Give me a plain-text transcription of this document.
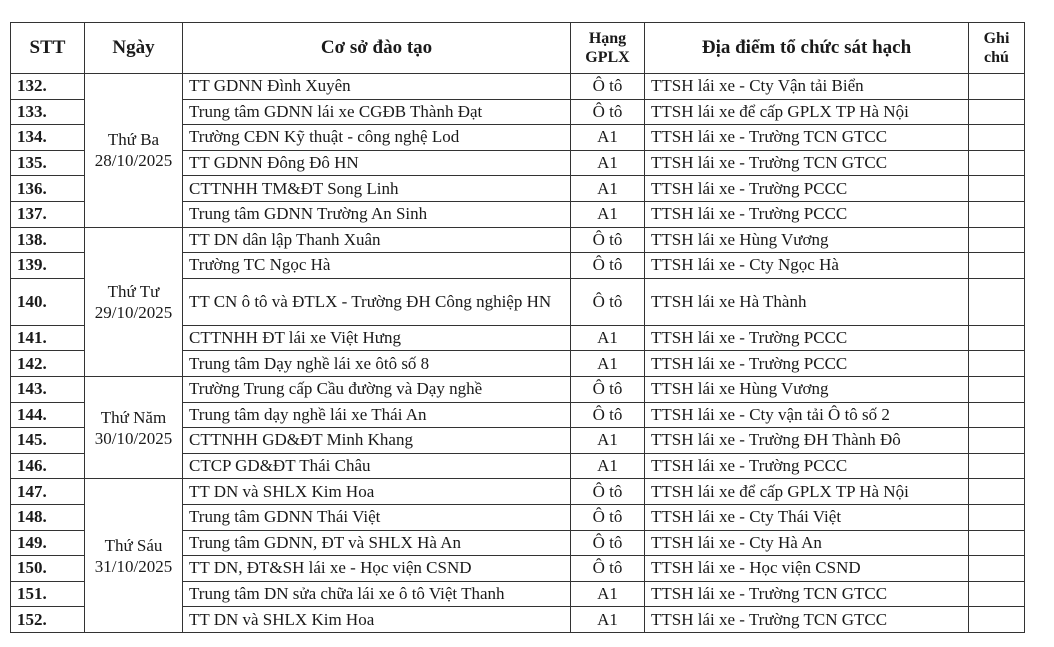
STT	Ngày	Cơ sở đào tạo	Hạng GPLX	Địa điểm tổ chức sát hạch	Ghi chú
132.	Thứ Ba 28/10/2025	TT GDNN Đình Xuyên	Ô tô	TTSH lái xe - Cty Vận tải Biển	
133.		Trung tâm GDNN lái xe CGĐB Thành Đạt	Ô tô	TTSH lái xe để cấp GPLX TP Hà Nội	
134.		Trường CĐN Kỹ thuật - công nghệ Lod	A1	TTSH lái xe - Trường TCN GTCC	
135.		TT GDNN Đông Đô HN	A1	TTSH lái xe - Trường TCN GTCC	
136.		CTTNHH TM&ĐT Song Linh	A1	TTSH lái xe - Trường PCCC	
137.		Trung tâm GDNN Trường An Sinh	A1	TTSH lái xe - Trường PCCC	
138.	Thứ Tư 29/10/2025	TT DN dân lập Thanh Xuân	Ô tô	TTSH lái xe Hùng Vương	
139.		Trường TC Ngọc Hà	Ô tô	TTSH lái xe - Cty Ngọc Hà	
140.		TT CN ô tô và ĐTLX - Trường ĐH Công nghiệp HN	Ô tô	TTSH lái xe Hà Thành	
141.		CTTNHH ĐT lái xe Việt Hưng	A1	TTSH lái xe - Trường PCCC	
142.		Trung tâm Dạy nghề lái xe ôtô số 8	A1	TTSH lái xe - Trường PCCC	
143.	Thứ Năm 30/10/2025	Trường Trung cấp Cầu đường và Dạy nghề	Ô tô	TTSH lái xe Hùng Vương	
144.		Trung tâm dạy nghề lái xe Thái An	Ô tô	TTSH lái xe - Cty vận tải Ô tô số 2	
145.		CTTNHH GD&ĐT Minh Khang	A1	TTSH lái xe - Trường ĐH Thành Đô	
146.		CTCP GD&ĐT Thái Châu	A1	TTSH lái xe - Trường PCCC	
147.	Thứ Sáu 31/10/2025	TT DN và SHLX Kim Hoa	Ô tô	TTSH lái xe để cấp GPLX TP Hà Nội	
148.		Trung tâm GDNN Thái Việt	Ô tô	TTSH lái xe - Cty Thái Việt	
149.		Trung tâm GDNN, ĐT và SHLX Hà An	Ô tô	TTSH lái xe - Cty Hà An	
150.		TT DN, ĐT&SH lái xe - Học viện CSND	Ô tô	TTSH lái xe - Học viện CSND	
151.		Trung tâm DN sửa chữa lái xe ô tô Việt Thanh	A1	TTSH lái xe - Trường TCN GTCC	
152.		TT DN và SHLX Kim Hoa	A1	TTSH lái xe - Trường TCN GTCC	
